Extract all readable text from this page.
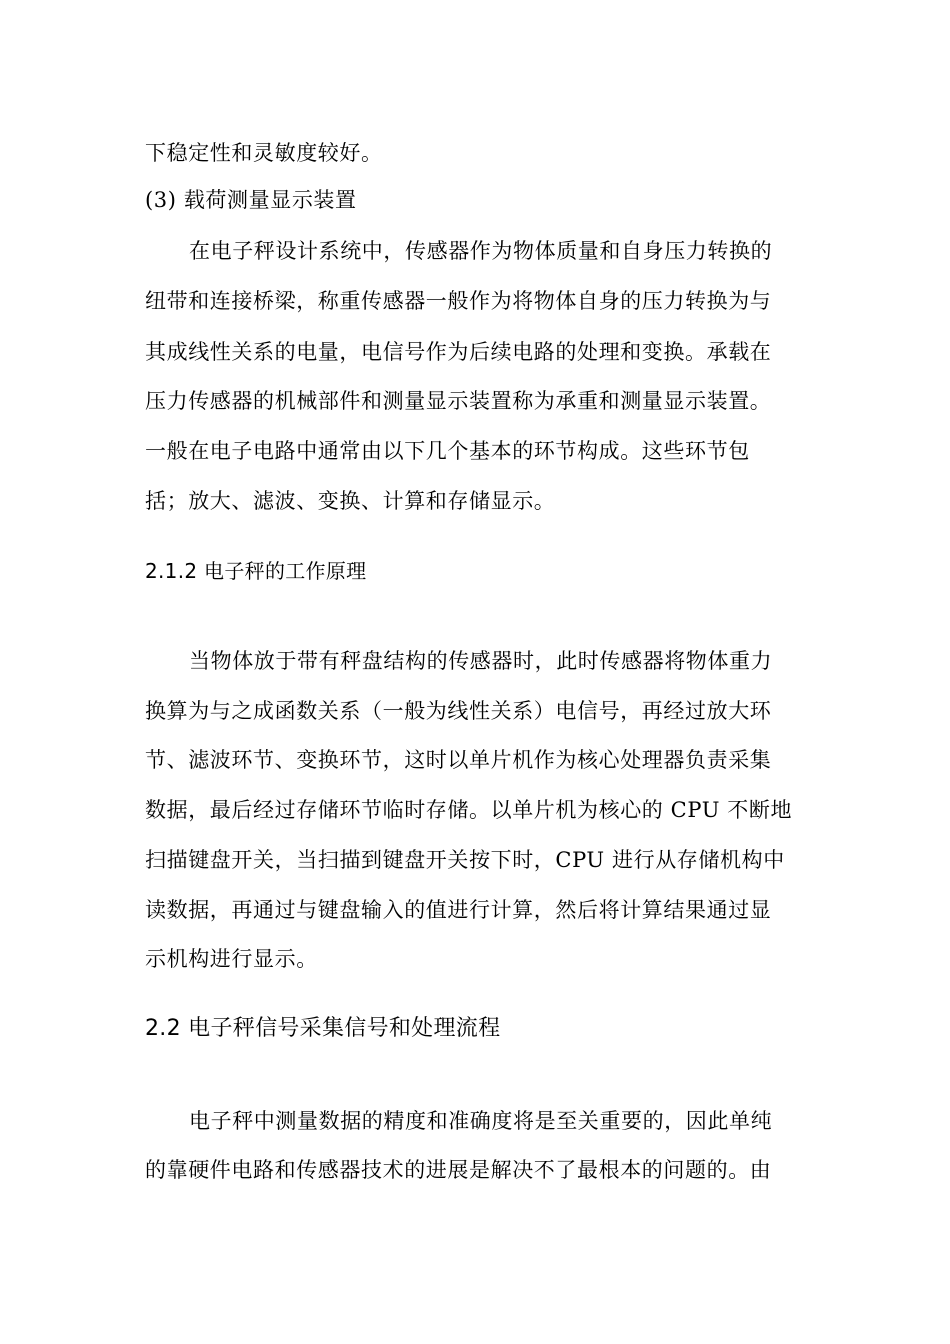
下稳定性和灵敏度较好。
(3) 载荷测量显示装置
在电子秤设计系统中，传感器作为物体质量和自身压力转换的
纽带和连接桥梁，称重传感器一般作为将物体自身的压力转换为与
其成线性关系的电量，电信号作为后续电路的处理和变换。承载在
压力传感器的机械部件和测量显示装置称为承重和测量显示装置。
一般在电子电路中通常由以下几个基本的环节构成。这些环节包
括；放大、滤波、变换、计算和存储显示。
2.1.2 电子秤的工作原理
当物体放于带有秤盘结构的传感器时，此时传感器将物体重力
换算为与之成函数关系（一般为线性关系）电信号，再经过放大环
节、滤波环节、变换环节，这时以单片机作为核心处理器负责采集
数据，最后经过存储环节临时存储。以单片机为核心的 CPU 不断地
扫描键盘开关，当扫描到键盘开关按下时，CPU 进行从存储机构中
读数据，再通过与键盘输入的值进行计算，然后将计算结果通过显
示机构进行显示。
2.2 电子秤信号采集信号和处理流程
电子秤中测量数据的精度和准确度将是至关重要的，因此单纯
的靠硬件电路和传感器技术的进展是解决不了最根本的问题的。由
